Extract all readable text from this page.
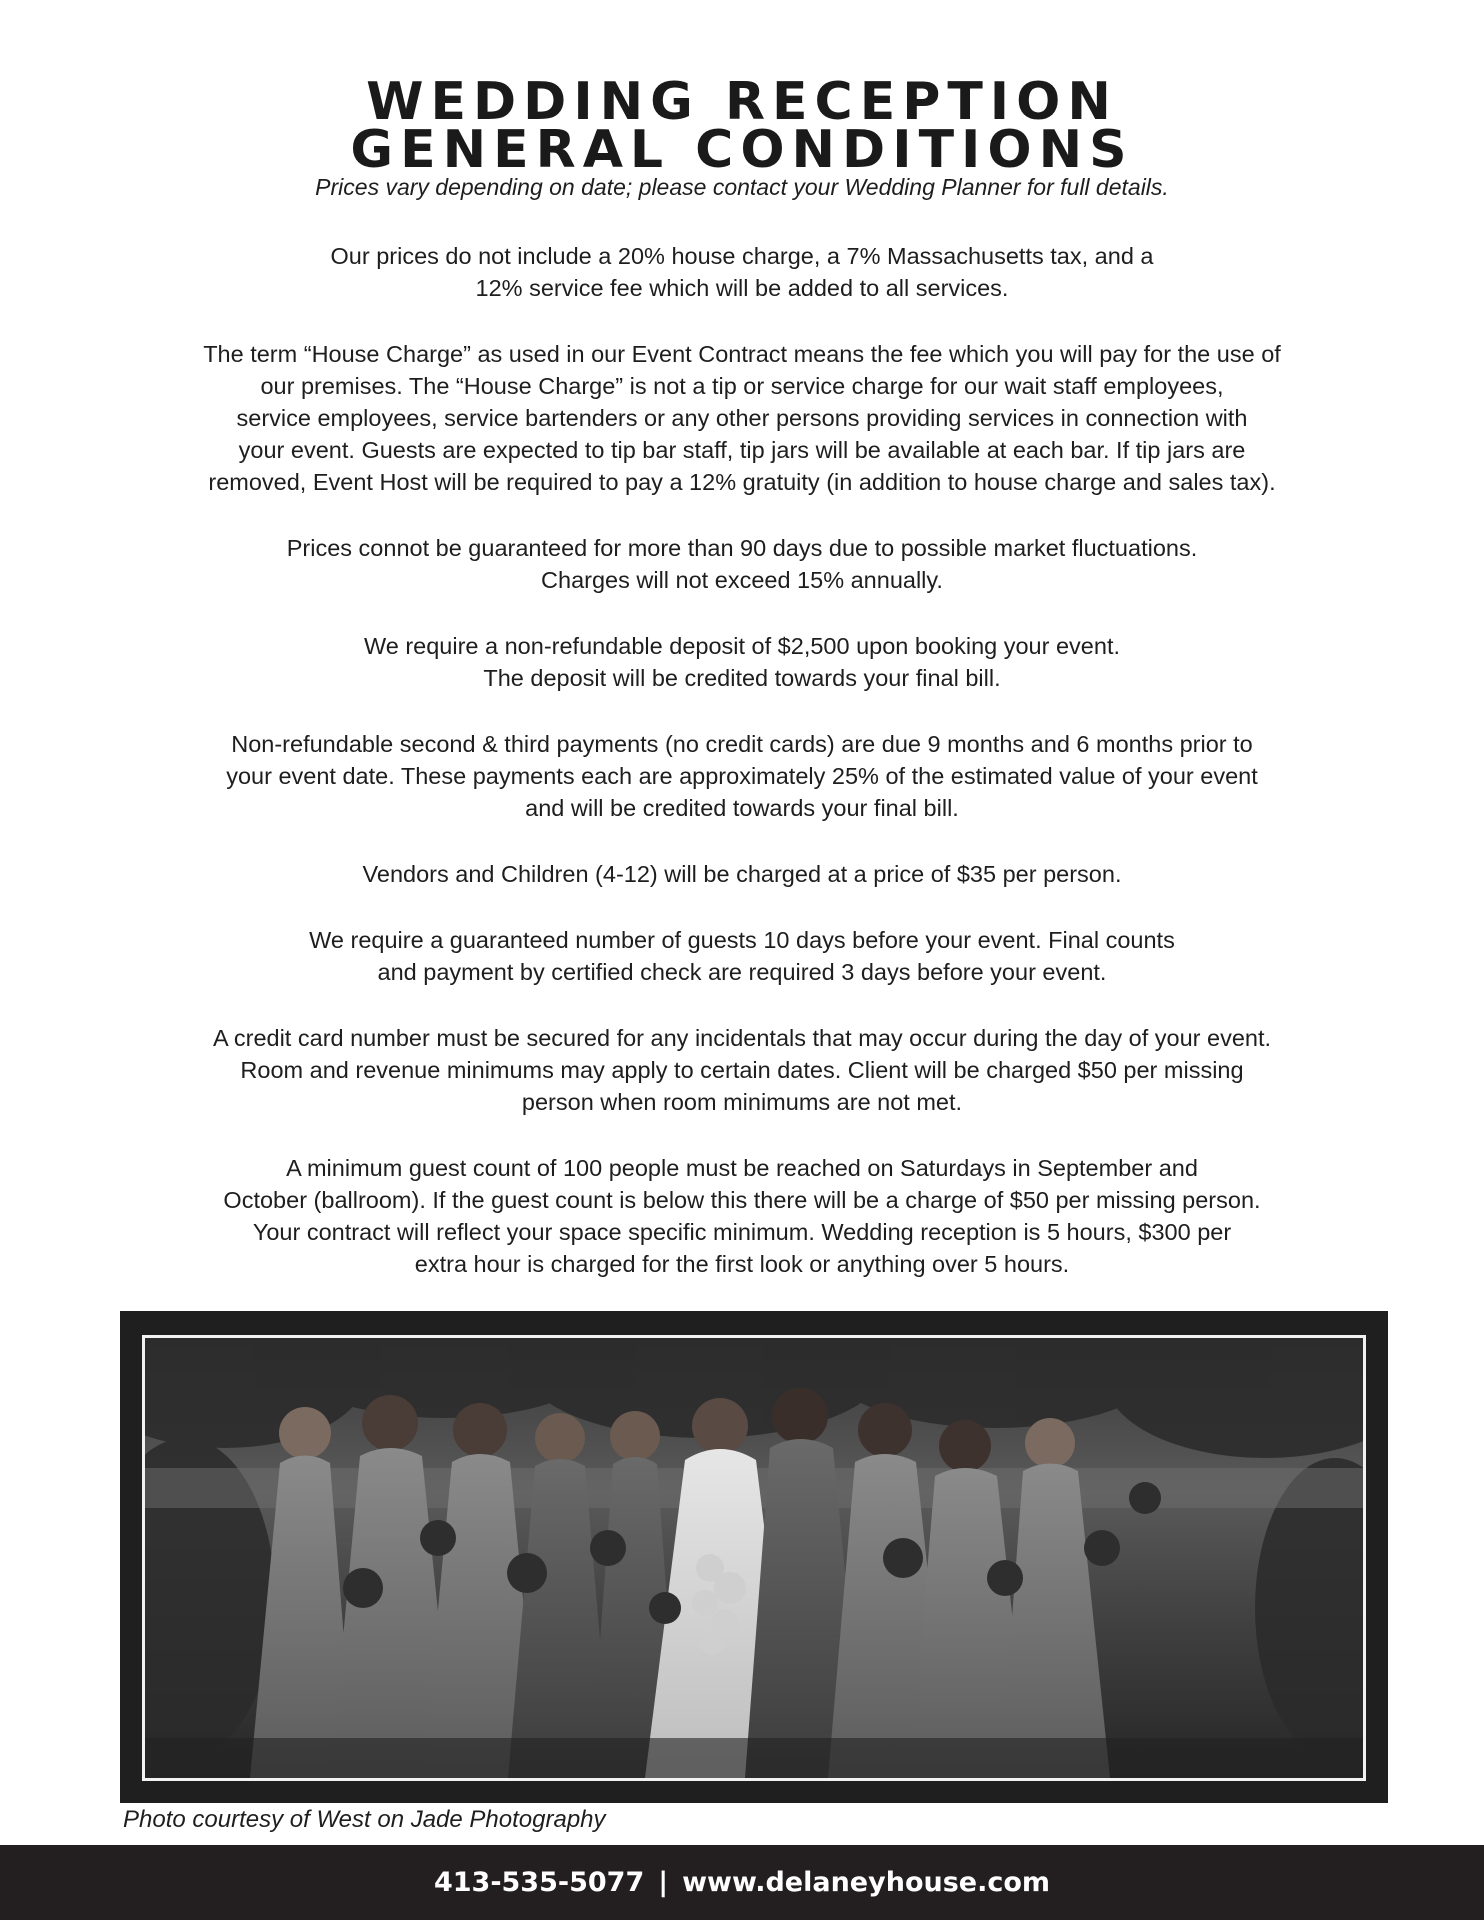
WEDDING RECEPTION
GENERAL CONDITIONS
Prices vary depending on date; please contact your Wedding Planner for full details.

Our prices do not include a 20% house charge, a 7% Massachusetts tax, and a
12% service fee which will be added to all services.

The term “House Charge” as used in our Event Contract means the fee which you will pay for the use of
our premises. The “House Charge” is not a tip or service charge for our wait staff employees,
service employees, service bartenders or any other persons providing services in connection with
your event. Guests are expected to tip bar staff, tip jars will be available at each bar. If tip jars are
removed, Event Host will be required to pay a 12% gratuity (in addition to house charge and sales tax).

Prices connot be guaranteed for more than 90 days due to possible market fluctuations.
Charges will not exceed 15% annually.

We require a non-refundable deposit of $2,500 upon booking your event.
The deposit will be credited towards your final bill.

Non-refundable second & third payments (no credit cards) are due 9 months and 6 months prior to
your event date. These payments each are approximately 25% of the estimated value of your event
and will be credited towards your final bill.

Vendors and Children (4-12) will be charged at a price of $35 per person.

We require a guaranteed number of guests 10 days before your event. Final counts
and payment by certified check are required 3 days before your event.

A credit card number must be secured for any incidentals that may occur during the day of your event.
Room and revenue minimums may apply to certain dates. Client will be charged $50 per missing
person when room minimums are not met.

A minimum guest count of 100 people must be reached on Saturdays in September and
October (ballroom). If the guest count is below this there will be a charge of $50 per missing person.
Your contract will reflect your space specific minimum. Wedding reception is 5 hours, $300 per
extra hour is charged for the first look or anything over 5 hours.

Photo courtesy of West on Jade Photography
413-535-5077 | www.delaneyhouse.com
